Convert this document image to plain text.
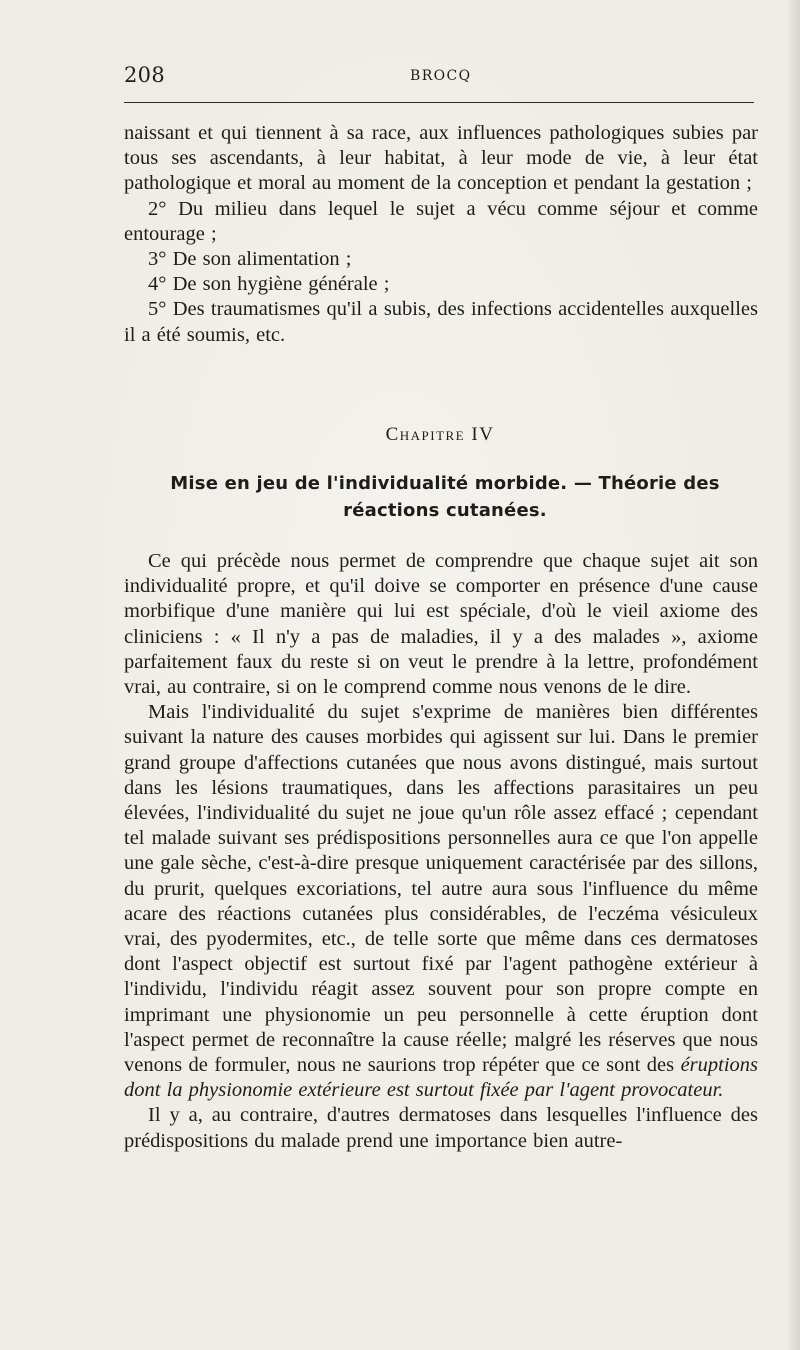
208	BROCQ

naissant et qui tiennent à sa race, aux influences pathologiques subies par tous ses ascendants, à leur habitat, à leur mode de vie, à leur état pathologique et moral au moment de la conception et pendant la gestation ;

2° Du milieu dans lequel le sujet a vécu comme séjour et comme entourage ;

3° De son alimentation ;

4° De son hygiène générale ;

5° Des traumatismes qu'il a subis, des infections accidentelles auxquelles il a été soumis, etc.

Chapitre IV
Mise en jeu de l'individualité morbide. — Théorie des
réactions cutanées.

Ce qui précède nous permet de comprendre que chaque sujet ait son individualité propre, et qu'il doive se comporter en présence d'une cause morbifique d'une manière qui lui est spéciale, d'où le vieil axiome des cliniciens : « Il n'y a pas de maladies, il y a des malades », axiome parfaitement faux du reste si on veut le prendre à la lettre, profondément vrai, au contraire, si on le comprend comme nous venons de le dire.

Mais l'individualité du sujet s'exprime de manières bien différentes suivant la nature des causes morbides qui agissent sur lui. Dans le premier grand groupe d'affections cutanées que nous avons distingué, mais surtout dans les lésions traumatiques, dans les affections parasitaires un peu élevées, l'individualité du sujet ne joue qu'un rôle assez effacé ; cependant tel malade suivant ses prédispositions personnelles aura ce que l'on appelle une gale sèche, c'est-à-dire presque uniquement caractérisée par des sillons, du prurit, quelques excoriations, tel autre aura sous l'influence du même acare des réactions cutanées plus considérables, de l'eczéma vésiculeux vrai, des pyodermites, etc., de telle sorte que même dans ces dermatoses dont l'aspect objectif est surtout fixé par l'agent pathogène extérieur à l'individu, l'individu réagit assez souvent pour son propre compte en imprimant une physionomie un peu personnelle à cette éruption dont l'aspect permet de reconnaître la cause réelle; malgré les réserves que nous venons de formuler, nous ne saurions trop répéter que ce sont des éruptions dont la physionomie extérieure est surtout fixée par l'agent provocateur.

Il y a, au contraire, d'autres dermatoses dans lesquelles l'influence des prédispositions du malade prend une importance bien autre-
